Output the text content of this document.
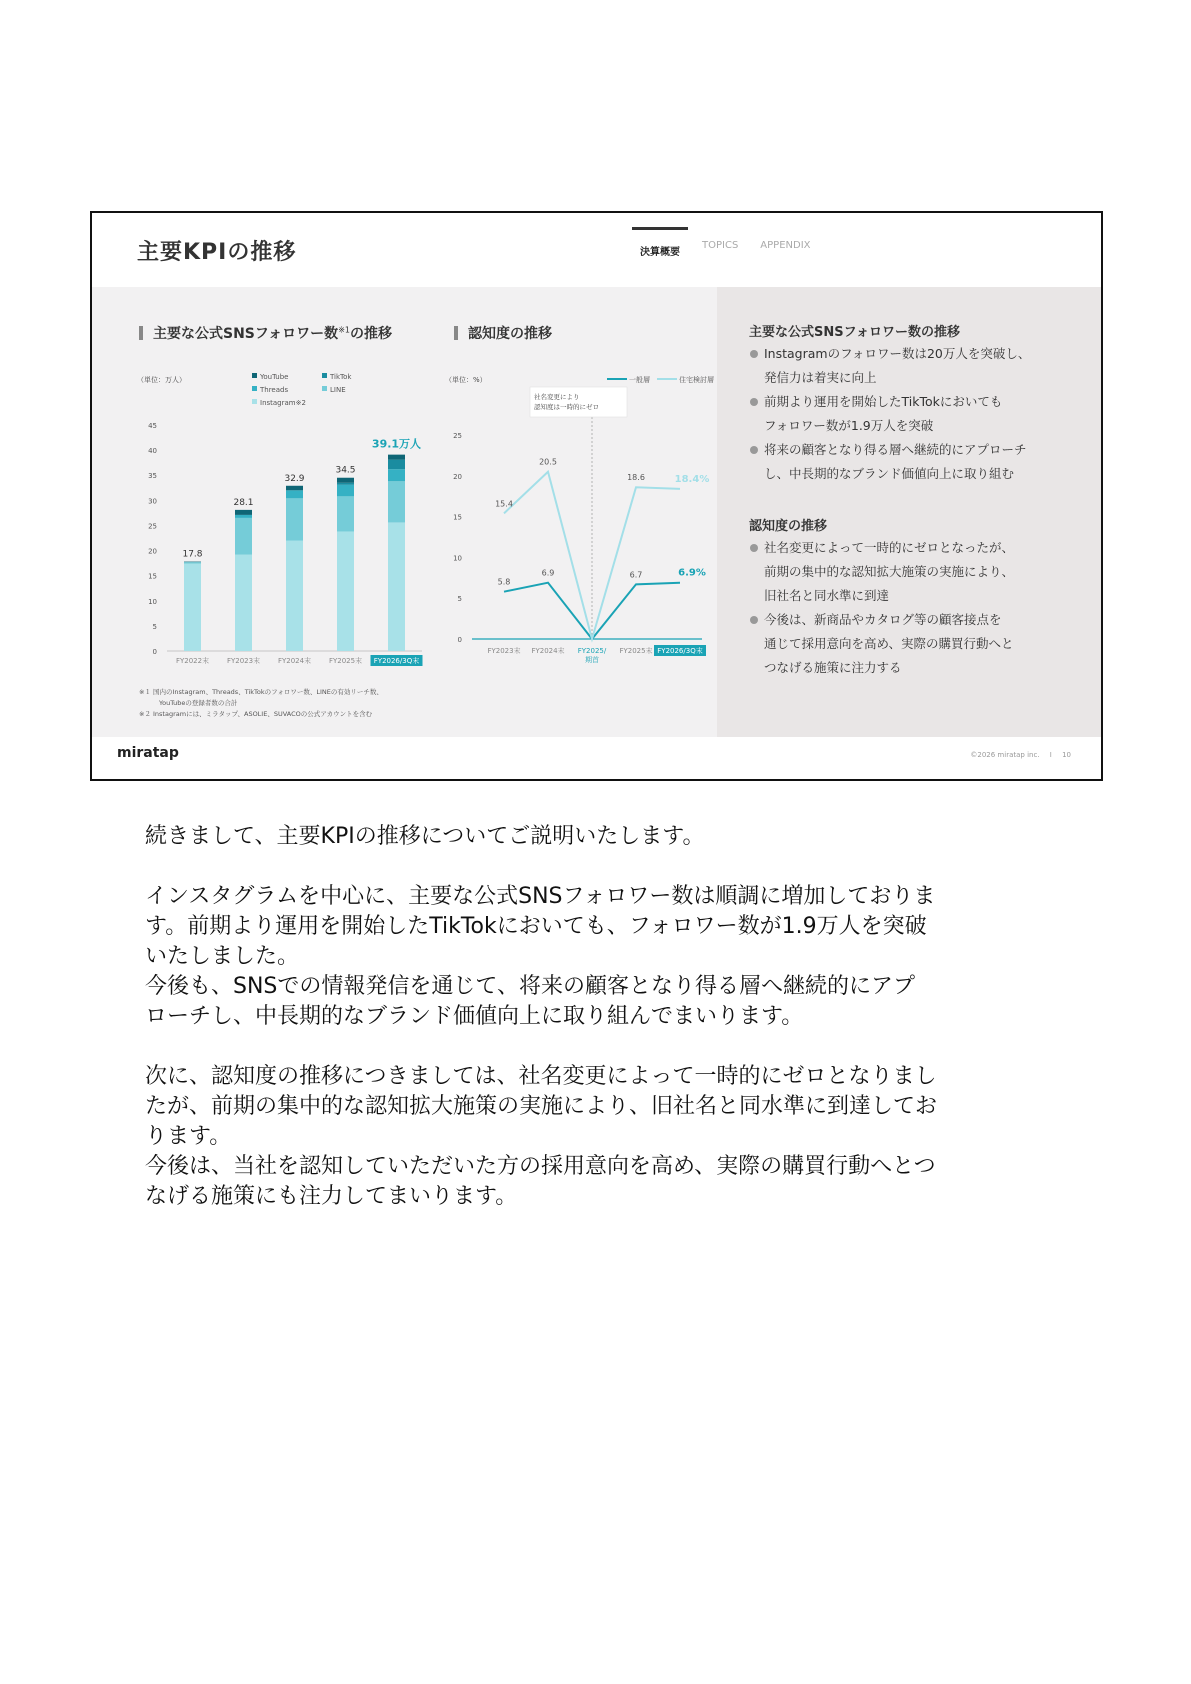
主要KPIの推移	決算概要
TOPICS	APPENDIX
主要な公式SNSフォロワー数$^{※1}$の推移	認知度の推移
（単位：万人）	YouTube	TikTok
Threads	LINE
Instagram※2
0
5
10
15
20
25
30
35
40
45
17.8
FY2022末
28.1
FY2023末
32.9
FY2024末
34.5
FY2025末
39.1万人
FY2026/3Q末
（単位：%）	一般層	住宅検討層
0
5
10
15
20
25
社名変更により
認知度は一時的にゼロ
5.8
6.9	6.7	6.9%
15.4
20.5
18.6	18.4%
FY2023末 FY2024末 FY2025/
期首
FY2025末 FY2026/3Q末
※１ 国内のInstagram、Threads、TikTokのフォロワー数、LINEの有効リーチ数、
YouTubeの登録者数の合計
※２ Instagramには、ミラタップ、ASOLIE、SUVACOの公式アカウントを含む
主要な公式SNSフォロワー数の推移
Instagramのフォロワー数は20万人を突破し、
発信力は着実に向上
前期より運用を開始したTikTokにおいても
フォロワー数が1.9万人を突破
将来の顧客となり得る層へ継続的にアプローチ
し、中長期的なブランド価値向上に取り組む
認知度の推移
社名変更によって一時的にゼロとなったが、
前期の集中的な認知拡大施策の実施により、
旧社名と同水準に到達
今後は、新商品やカタログ等の顧客接点を
通じて採用意向を高め、実際の購買行動へと
つなげる施策に注力する
miratap	©2026 miratap inc. I 10
続きまして、主要KPIの推移についてご説明いたします。
インスタグラムを中心に、主要な公式SNSフォロワー数は順調に増加しておりま
す。前期より運用を開始したTikTokにおいても、フォロワー数が1.9万人を突破
いたしました。
今後も、SNSでの情報発信を通じて、将来の顧客となり得る層へ継続的にアプ
ローチし、中長期的なブランド価値向上に取り組んでまいります。
次に、認知度の推移につきましては、社名変更によって一時的にゼロとなりまし
たが、前期の集中的な認知拡大施策の実施により、旧社名と同水準に到達してお
ります。
今後は、当社を認知していただいた方の採用意向を高め、実際の購買行動へとつ
なげる施策にも注力してまいります。
